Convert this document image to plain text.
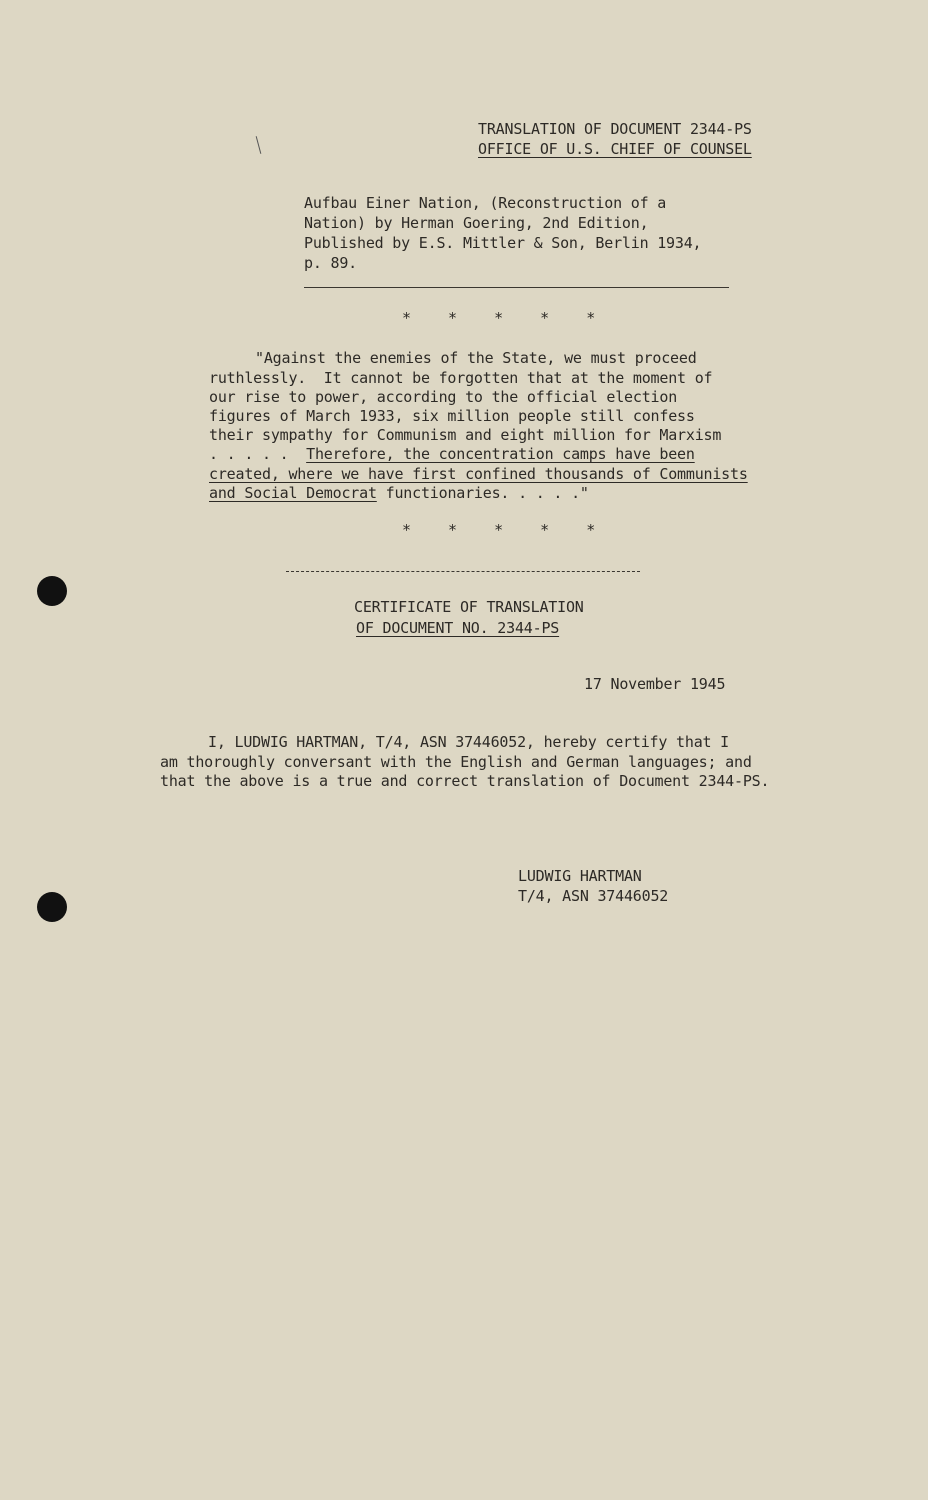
TRANSLATION OF DOCUMENT 2344-PS
OFFICE OF U.S. CHIEF OF COUNSEL
Aufbau Einer Nation, (Reconstruction of a
Nation) by Herman Goering, 2nd Edition,
Published by E.S. Mittler & Son, Berlin 1934,
p. 89.
* * * * *
"Against the enemies of the State, we must proceed
ruthlessly.  It cannot be forgotten that at the moment of
our rise to power, according to the official election
figures of March 1933, six million people still confess
their sympathy for Communism and eight million for Marxism
. . . . .  Therefore, the concentration camps have been
created, where we have first confined thousands of Communists
and Social Democrat functionaries. . . . ."
* * * * *
CERTIFICATE OF TRANSLATION
OF DOCUMENT NO. 2344-PS
17 November 1945
I, LUDWIG HARTMAN, T/4, ASN 37446052, hereby certify that I
am thoroughly conversant with the English and German languages; and
that the above is a true and correct translation of Document 2344-PS.
LUDWIG HARTMAN
T/4, ASN 37446052
